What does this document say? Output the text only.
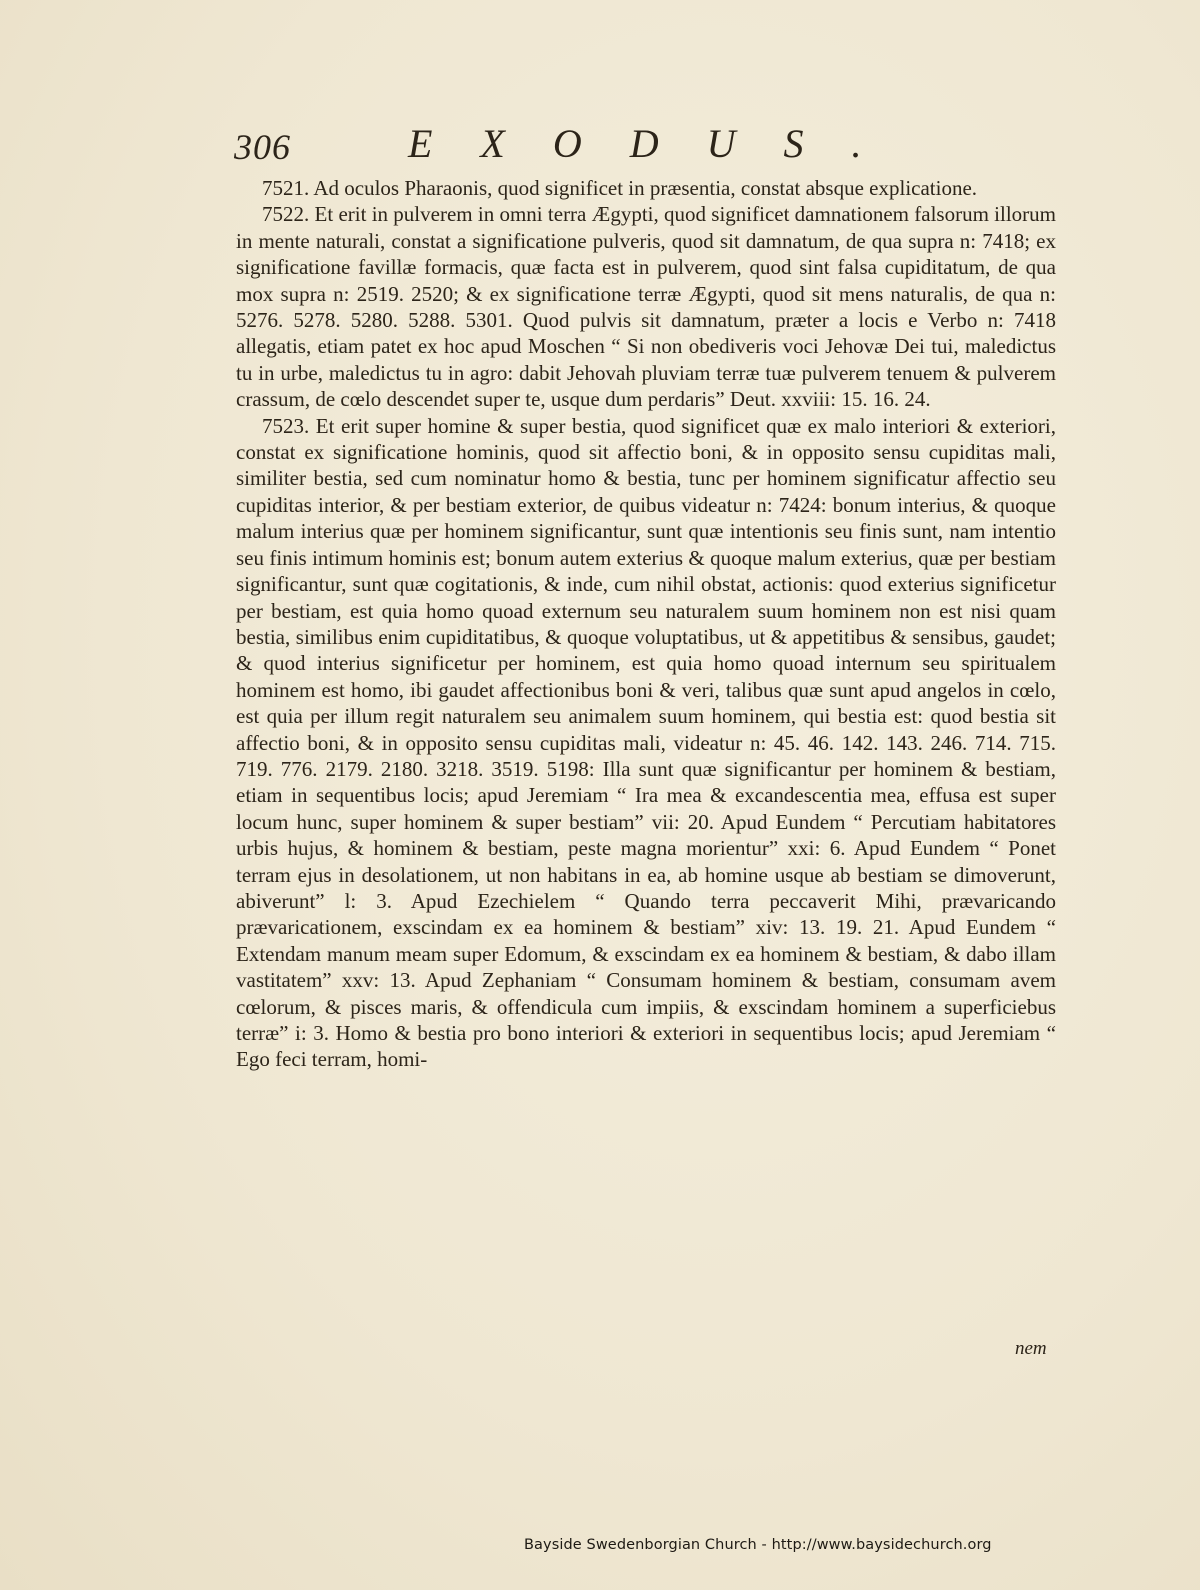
306	EXODUS.

7521. Ad oculos Pharaonis, quod significet in præsentia, constat absque explicatione.

7522. Et erit in pulverem in omni terra Ægypti, quod significet damnationem falsorum illorum in mente naturali, constat a significatione pulveris, quod sit damnatum, de qua supra n: 7418; ex significatione favillæ formacis, quæ facta est in pulverem, quod sint falsa cupiditatum, de qua mox supra n: 2519. 2520; & ex significatione terræ Ægypti, quod sit mens naturalis, de qua n: 5276. 5278. 5280. 5288. 5301. Quod pulvis sit damnatum, præter a locis e Verbo n: 7418 allegatis, etiam patet ex hoc apud Moschen “ Si non obediveris voci Jehovæ Dei tui, maledictus tu in urbe, maledictus tu in agro: dabit Jehovah pluviam terræ tuæ pulverem tenuem & pulverem crassum, de cœlo descendet super te, usque dum perdaris” Deut. xxviii: 15. 16. 24.

7523. Et erit super homine & super bestia, quod significet quæ ex malo interiori & exteriori, constat ex significatione hominis, quod sit affectio boni, & in opposito sensu cupiditas mali, similiter bestia, sed cum nominatur homo & bestia, tunc per hominem significatur affectio seu cupiditas interior, & per bestiam exterior, de quibus videatur n: 7424: bonum interius, & quoque malum interius quæ per hominem significantur, sunt quæ intentionis seu finis sunt, nam intentio seu finis intimum hominis est; bonum autem exterius & quoque malum exterius, quæ per bestiam significantur, sunt quæ cogitationis, & inde, cum nihil obstat, actionis: quod exterius significetur per bestiam, est quia homo quoad externum seu naturalem suum hominem non est nisi quam bestia, similibus enim cupiditatibus, & quoque voluptatibus, ut & appetitibus & sensibus, gaudet; & quod interius significetur per hominem, est quia homo quoad internum seu spiritualem hominem est homo, ibi gaudet affectionibus boni & veri, talibus quæ sunt apud angelos in cœlo, est quia per illum regit naturalem seu animalem suum hominem, qui bestia est: quod bestia sit affectio boni, & in opposito sensu cupiditas mali, videatur n: 45. 46. 142. 143. 246. 714. 715. 719. 776. 2179. 2180. 3218. 3519. 5198: Illa sunt quæ significantur per hominem & bestiam, etiam in sequentibus locis; apud Jeremiam “ Ira mea & excandescentia mea, effusa est super locum hunc, super hominem & super bestiam” vii: 20. Apud Eundem “ Percutiam habitatores urbis hujus, & hominem & bestiam, peste magna morientur” xxi: 6. Apud Eundem “ Ponet terram ejus in desolationem, ut non habitans in ea, ab homine usque ab bestiam se dimoverunt, abiverunt” l: 3. Apud Ezechielem “ Quando terra peccaverit Mihi, prævaricando prævaricationem, exscindam ex ea hominem & bestiam” xiv: 13. 19. 21. Apud Eundem “ Extendam manum meam super Edomum, & exscindam ex ea hominem & bestiam, & dabo illam vastitatem” xxv: 13. Apud Zephaniam “ Consumam hominem & bestiam, consumam avem cœlorum, & pisces maris, & offendicula cum impiis, & exscindam hominem a superficiebus terræ” i: 3. Homo & bestia pro bono interiori & exteriori in sequentibus locis; apud Jeremiam “ Ego feci terram, homi-

nem
Bayside Swedenborgian Church - http://www.baysidechurch.org
